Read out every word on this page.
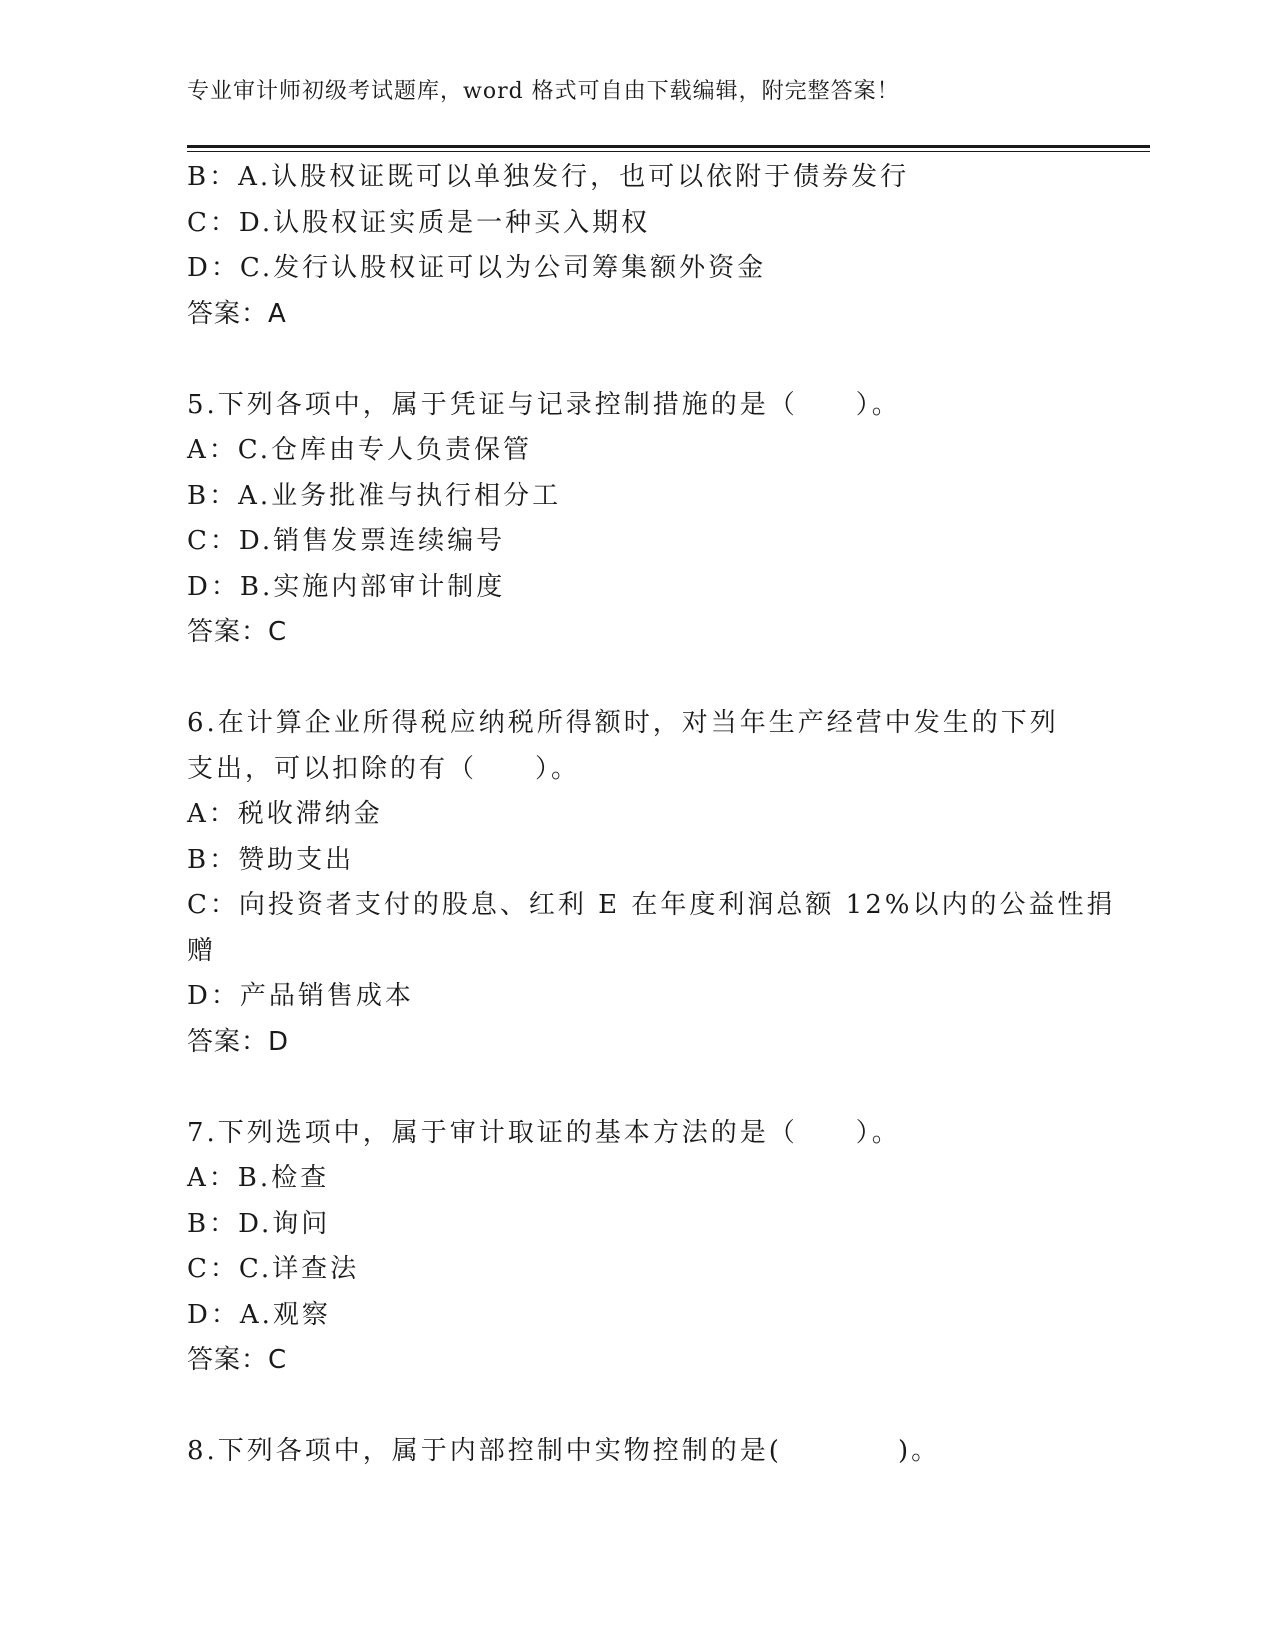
专业审计师初级考试题库，word 格式可自由下载编辑，附完整答案！
B：A.认股权证既可以单独发行，也可以依附于债券发行
C：D.认股权证实质是一种买入期权
D：C.发行认股权证可以为公司筹集额外资金
答案：A
5.下列各项中，属于凭证与记录控制措施的是（　　）。
A：C.仓库由专人负责保管
B：A.业务批准与执行相分工
C：D.销售发票连续编号
D：B.实施内部审计制度
答案：C
6.在计算企业所得税应纳税所得额时，对当年生产经营中发生的下列
支出，可以扣除的有（　　）。
A：税收滞纳金
B：赞助支出
C：向投资者支付的股息、红利 E 在年度利润总额 12%以内的公益性捐
赠
D：产品销售成本
答案：D
7.下列选项中，属于审计取证的基本方法的是（　　）。
A：B.检查
B：D.询问
C：C.详查法
D：A.观察
答案：C
8.下列各项中，属于内部控制中实物控制的是(　　　　)。
